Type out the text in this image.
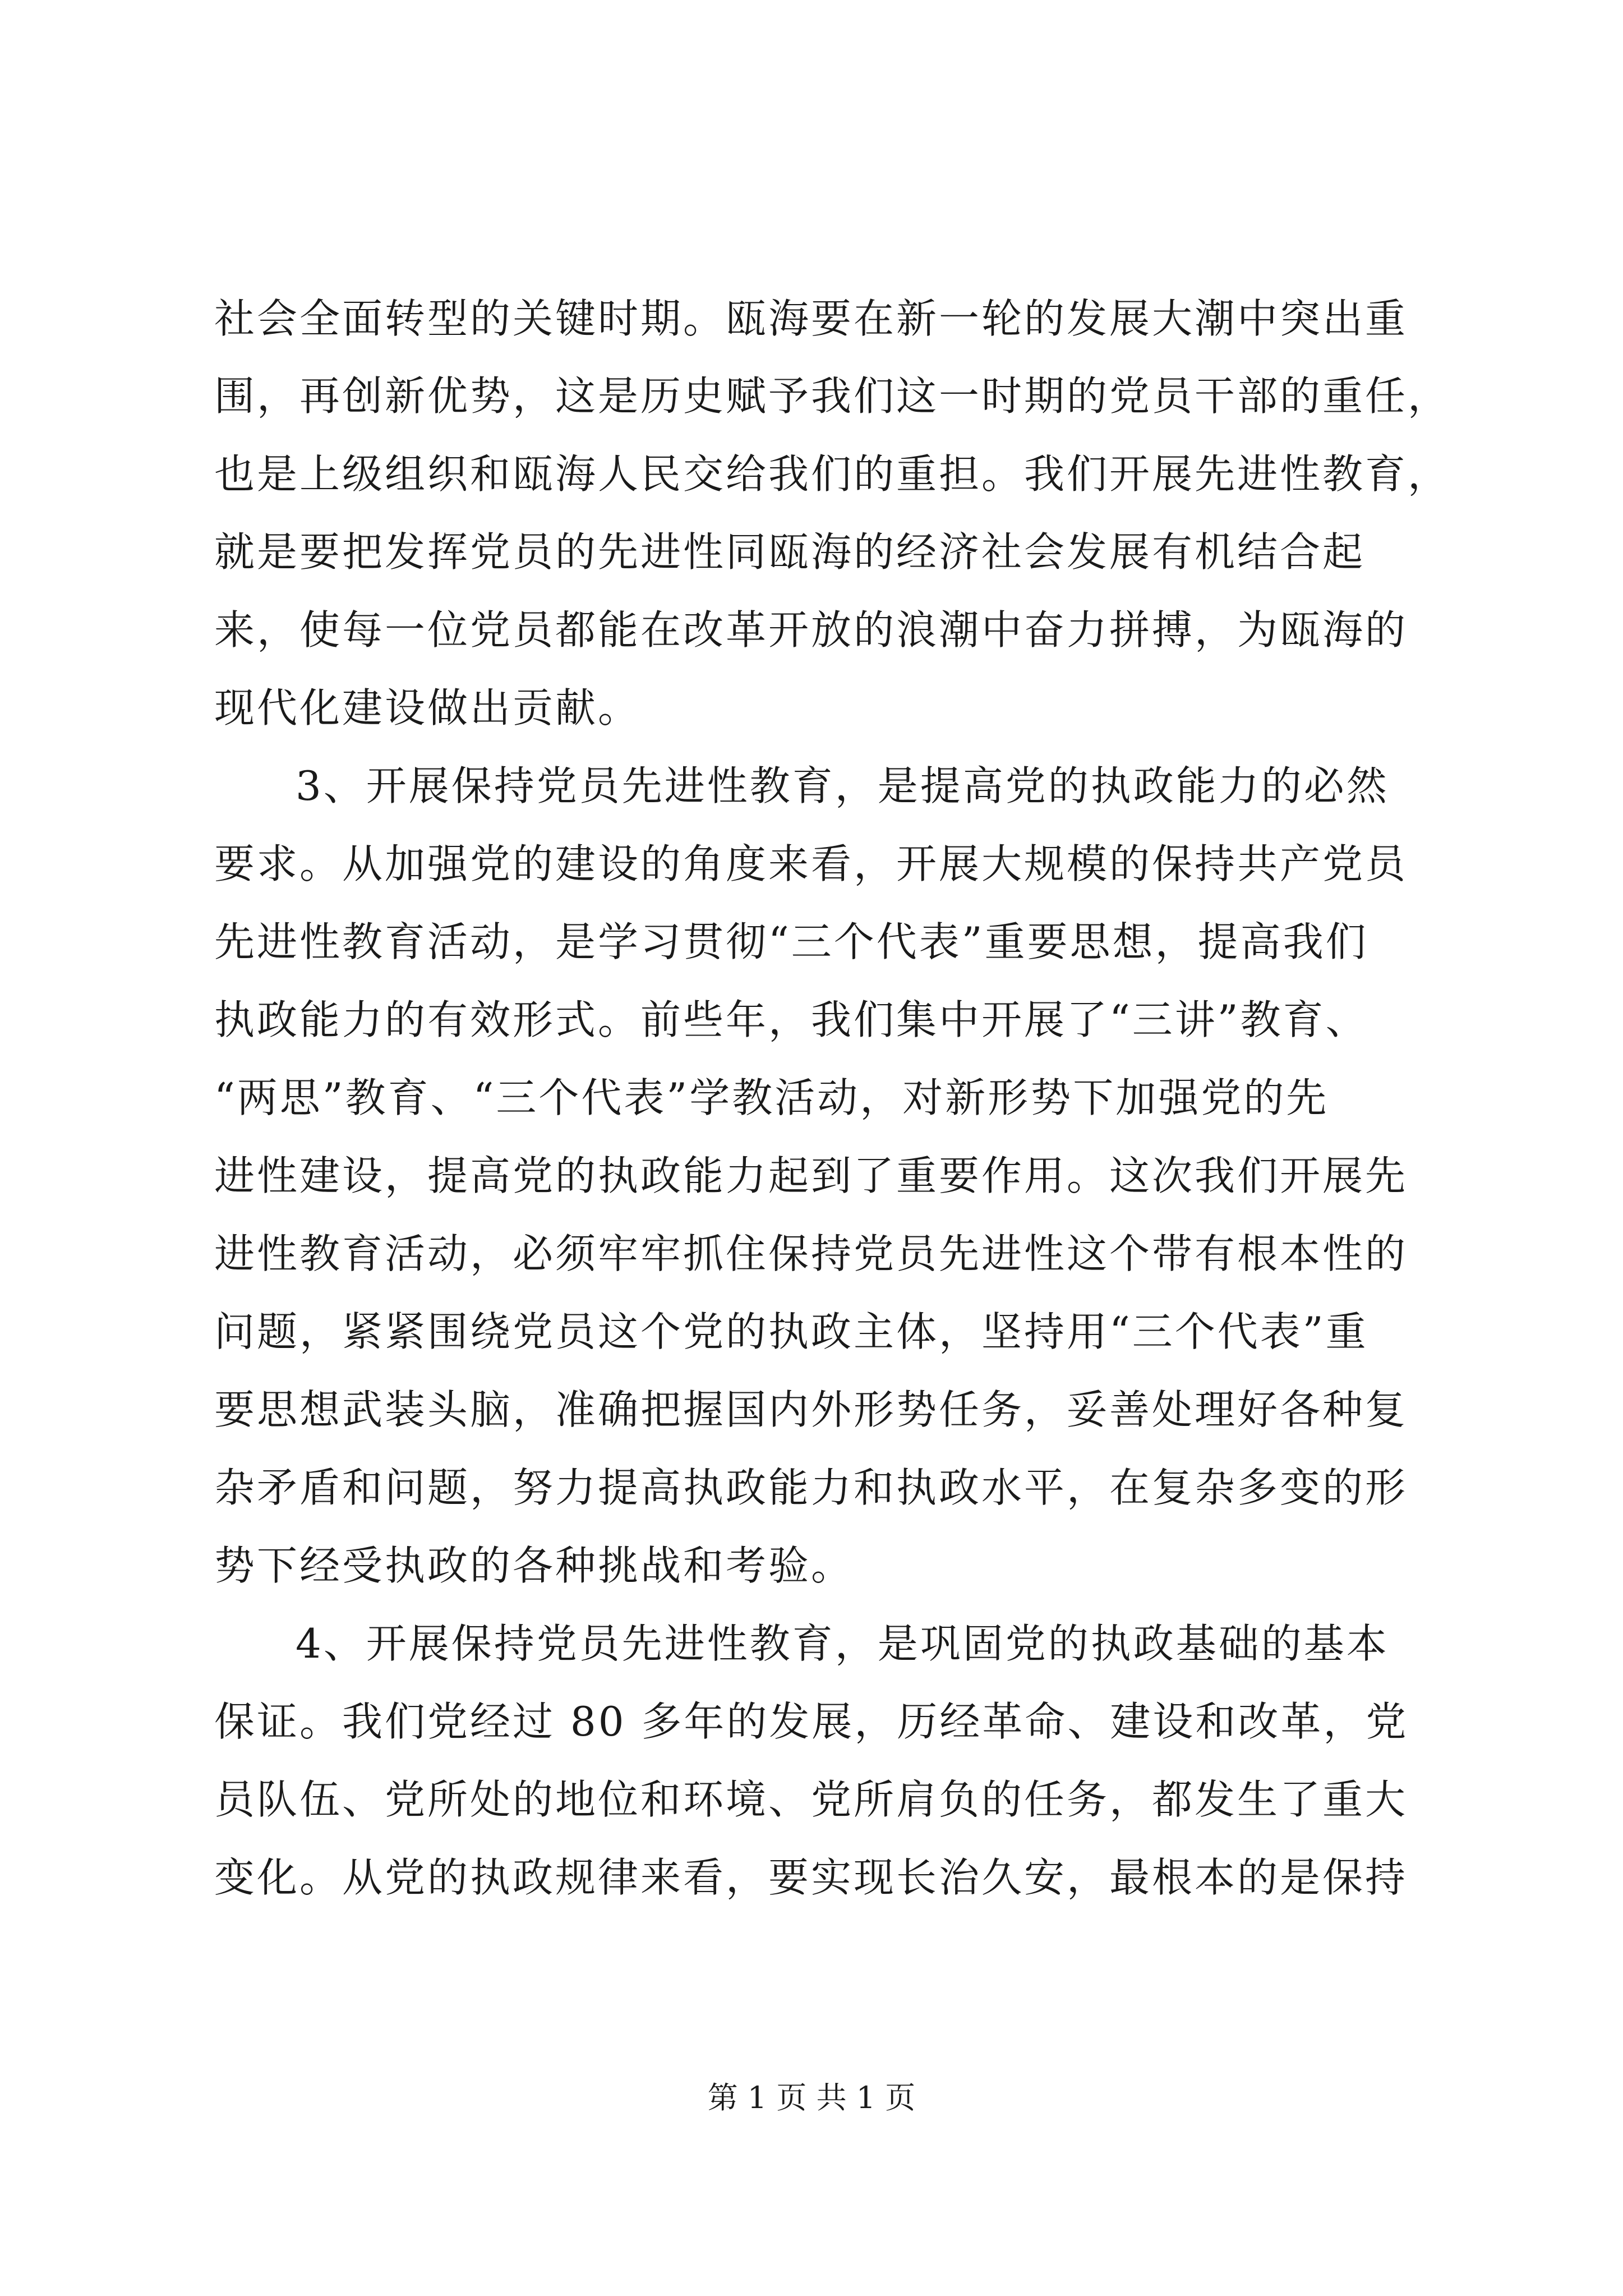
社会全面转型的关键时期。瓯海要在新一轮的发展大潮中突出重
围，再创新优势，这是历史赋予我们这一时期的党员干部的重任，
也是上级组织和瓯海人民交给我们的重担。我们开展先进性教育，
就是要把发挥党员的先进性同瓯海的经济社会发展有机结合起
来，使每一位党员都能在改革开放的浪潮中奋力拼搏，为瓯海的
现代化建设做出贡献。
3、开展保持党员先进性教育，是提高党的执政能力的必然
要求。从加强党的建设的角度来看，开展大规模的保持共产党员
先进性教育活动，是学习贯彻“三个代表”重要思想，提高我们
执政能力的有效形式。前些年，我们集中开展了“三讲”教育、
“两思”教育、“三个代表”学教活动，对新形势下加强党的先
进性建设，提高党的执政能力起到了重要作用。这次我们开展先
进性教育活动，必须牢牢抓住保持党员先进性这个带有根本性的
问题，紧紧围绕党员这个党的执政主体，坚持用“三个代表”重
要思想武装头脑，准确把握国内外形势任务，妥善处理好各种复
杂矛盾和问题，努力提高执政能力和执政水平，在复杂多变的形
势下经受执政的各种挑战和考验。
4、开展保持党员先进性教育，是巩固党的执政基础的基本
保证。我们党经过 80 多年的发展，历经革命、建设和改革，党
员队伍、党所处的地位和环境、党所肩负的任务，都发生了重大
变化。从党的执政规律来看，要实现长治久安，最根本的是保持
第 1 页 共 1 页
